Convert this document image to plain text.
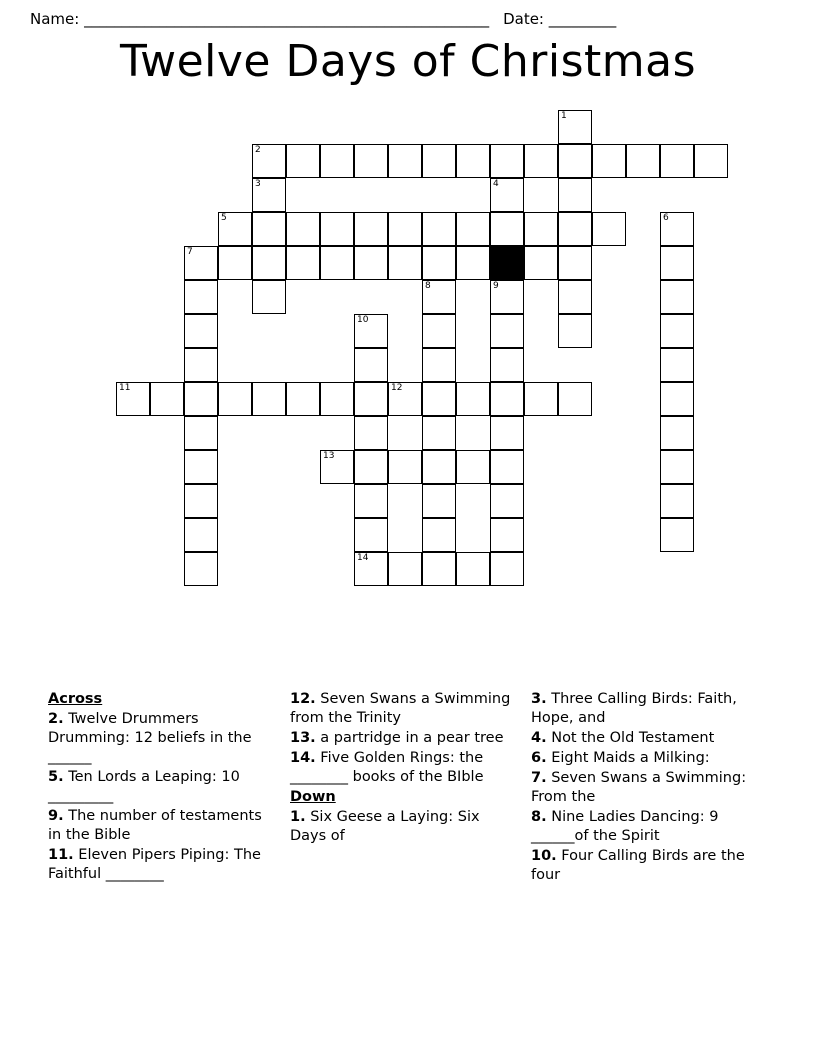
Name: ______________________________________________________ Date: _________
Twelve Days of Christmas
1
2
3	4
5	6
7
8	9
10
11	12
13
14
Across
2. Twelve Drummers Drumming: 12 beliefs in the ______
5. Ten Lords a Leaping: 10 _________
9. The number of testaments in the Bible
11. Eleven Pipers Piping: The Faithful ________
12. Seven Swans a Swimming from the Trinity
13. a partridge in a pear tree
14. Five Golden Rings: the ________ books of the BIble
Down
1. Six Geese a Laying: Six Days of
3. Three Calling Birds: Faith, Hope, and
4. Not the Old Testament
6. Eight Maids a Milking:
7. Seven Swans a Swimming: From the
8. Nine Ladies Dancing: 9 ______of the Spirit
10. Four Calling Birds are the four
